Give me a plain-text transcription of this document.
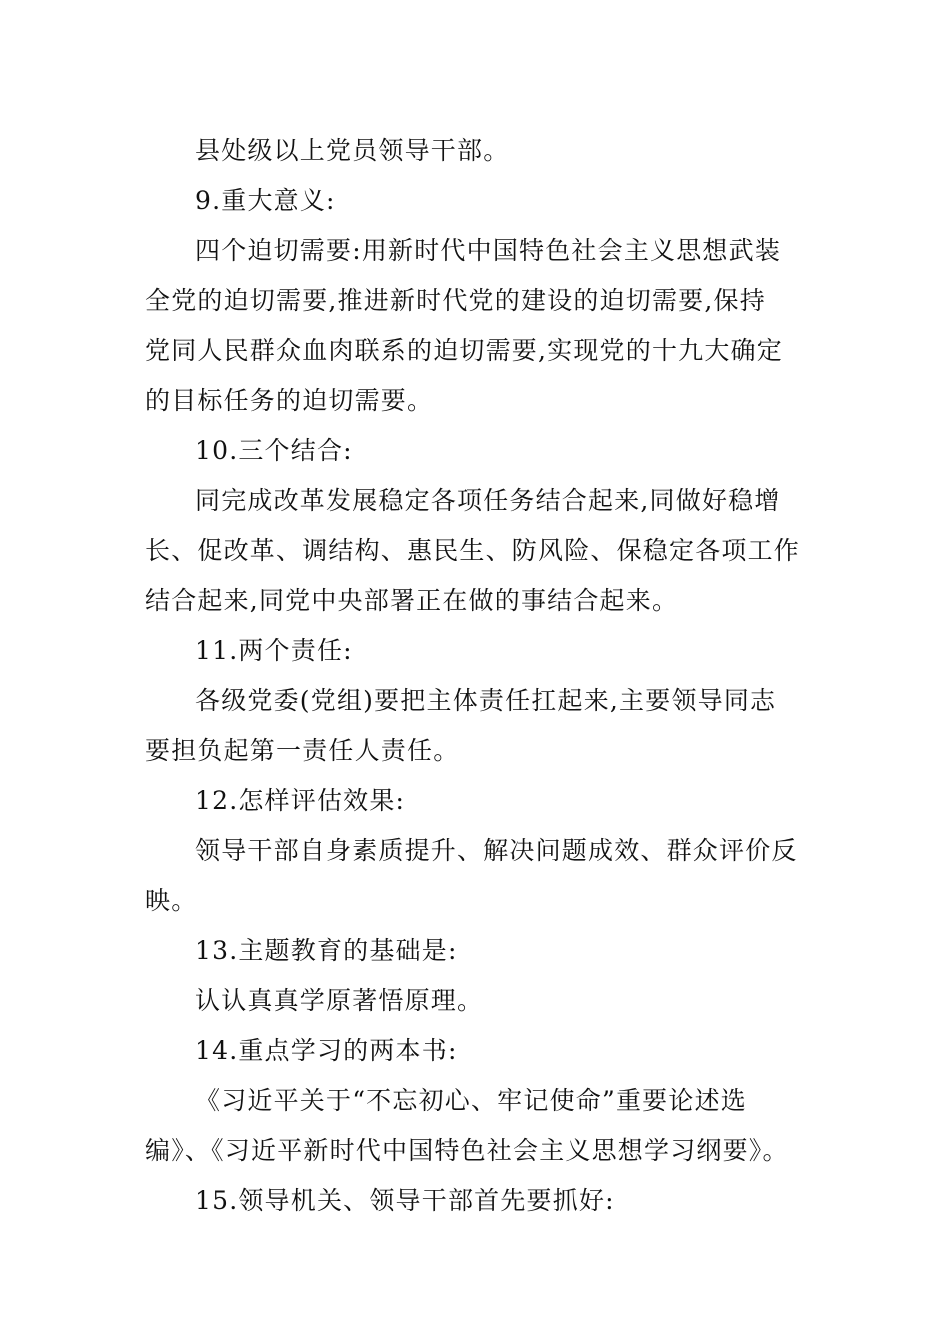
县处级以上党员领导干部。
9.重大意义:
四个迫切需要:用新时代中国特色社会主义思想武装
全党的迫切需要,推进新时代党的建设的迫切需要,保持
党同人民群众血肉联系的迫切需要,实现党的十九大确定
的目标任务的迫切需要。
10.三个结合:
同完成改革发展稳定各项任务结合起来,同做好稳增
长、促改革、调结构、惠民生、防风险、保稳定各项工作
结合起来,同党中央部署正在做的事结合起来。
11.两个责任:
各级党委(党组)要把主体责任扛起来,主要领导同志
要担负起第一责任人责任。
12.怎样评估效果:
领导干部自身素质提升、解决问题成效、群众评价反
映。
13.主题教育的基础是:
认认真真学原著悟原理。
14.重点学习的两本书:
《习近平关于“不忘初心、牢记使命”重要论述选
编》、《习近平新时代中国特色社会主义思想学习纲要》。
15.领导机关、领导干部首先要抓好:
